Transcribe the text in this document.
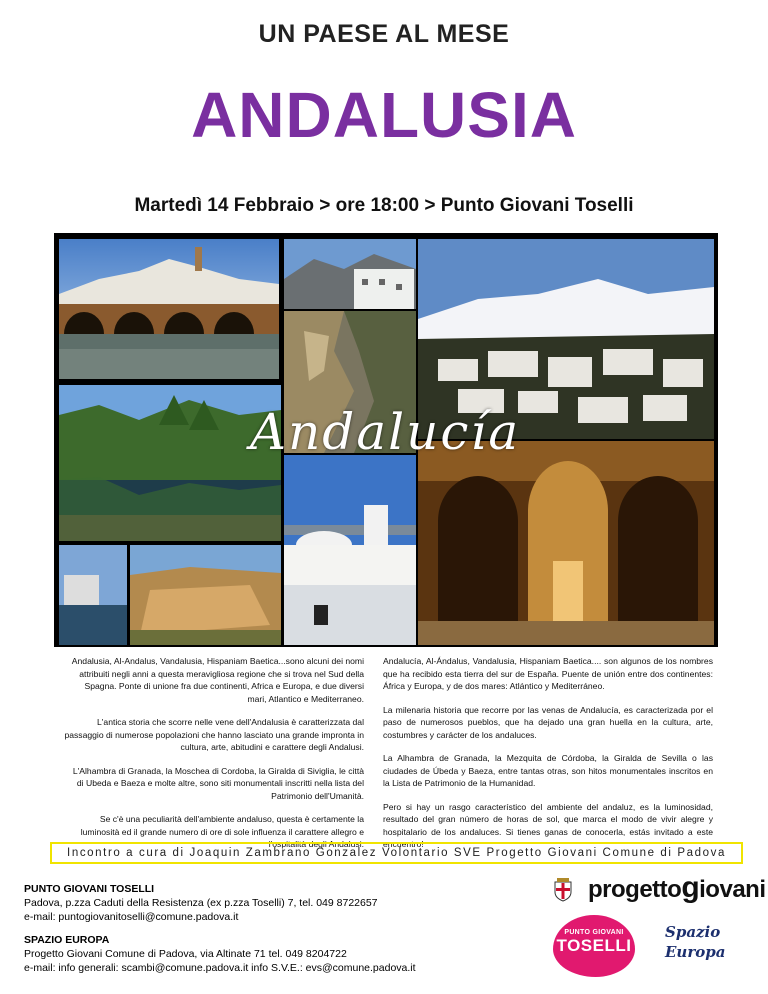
UN PAESE AL MESE
ANDALUSIA
Martedì 14 Febbraio > ore 18:00 > Punto Giovani Toselli
Andalucía

Andalusia, Al-Andalus, Vandalusia, Hispaniam Baetica...sono alcuni dei nomi attribuiti negli anni a questa meravigliosa regione che si trova nel Sud della Spagna. Ponte di unione fra due continenti, Africa e Europa, e due diversi mari, Atlantico e Mediterraneo.

L'antica storia che scorre nelle vene dell'Andalusia è caratterizzata dal passaggio di numerose popolazioni che hanno lasciato una grande impronta in cultura, arte, abitudini e carattere degli Andalusi.

L'Alhambra di Granada, la Moschea di Cordoba, la Giralda di Siviglia, le città di Ubeda e Baeza e molte altre, sono siti monumentali inscritti nella lista del Patrimonio dell'Umanità.

Se c'è una peculiarità dell'ambiente andaluso, questa è certamente la luminosità ed il grande numero di ore di sole influenza il carattere allegro e l'ospitalità degli Andalusi.

Andalucía, Al-Ándalus, Vandalusia, Hispaniam Baetica.... son algunos de los nombres que ha recibido esta tierra del sur de España. Puente de unión entre dos continentes: África y Europa, y de dos mares: Atlántico y Mediterráneo.

La milenaria historia que recorre por las venas de Andalucía, es caracterizada por el paso de numerosos pueblos, que ha dejado una gran huella en la cultura, arte, costumbres y carácter de los andaluces.

La Alhambra de Granada, la Mezquita de Córdoba, la Giralda de Sevilla o las ciudades de Úbeda y Baeza, entre tantas otras, son hitos monumentales inscritos en la Lista de Patrimonio de la Humanidad.

Pero si hay un rasgo característico del ambiente del andaluz, es la luminosidad, resultado del gran número de horas de sol, que marca el modo de vivir alegre y hospitalario de los andaluces. Si tienes ganas de conocerla, estás invitado a este encuentro!

Incontro a cura di Joaquin Zambrano Gonzalez Volontario SVE Progetto Giovani Comune di Padova
PUNTO GIOVANI TOSELLI
Padova, p.zza Caduti della Resistenza (ex p.zza Toselli) 7, tel. 049 8722657
e-mail: puntogiovanitoselli@comune.padova.it
SPAZIO EUROPA
Progetto Giovani Comune di Padova, via Altinate 71 tel. 049 8204722
e-mail: info generali: scambi@comune.padova.it info S.V.E.: evs@comune.padova.it
progettogiovani
PUNTO GIOVANI
TOSELLI
Spazio
Europa
